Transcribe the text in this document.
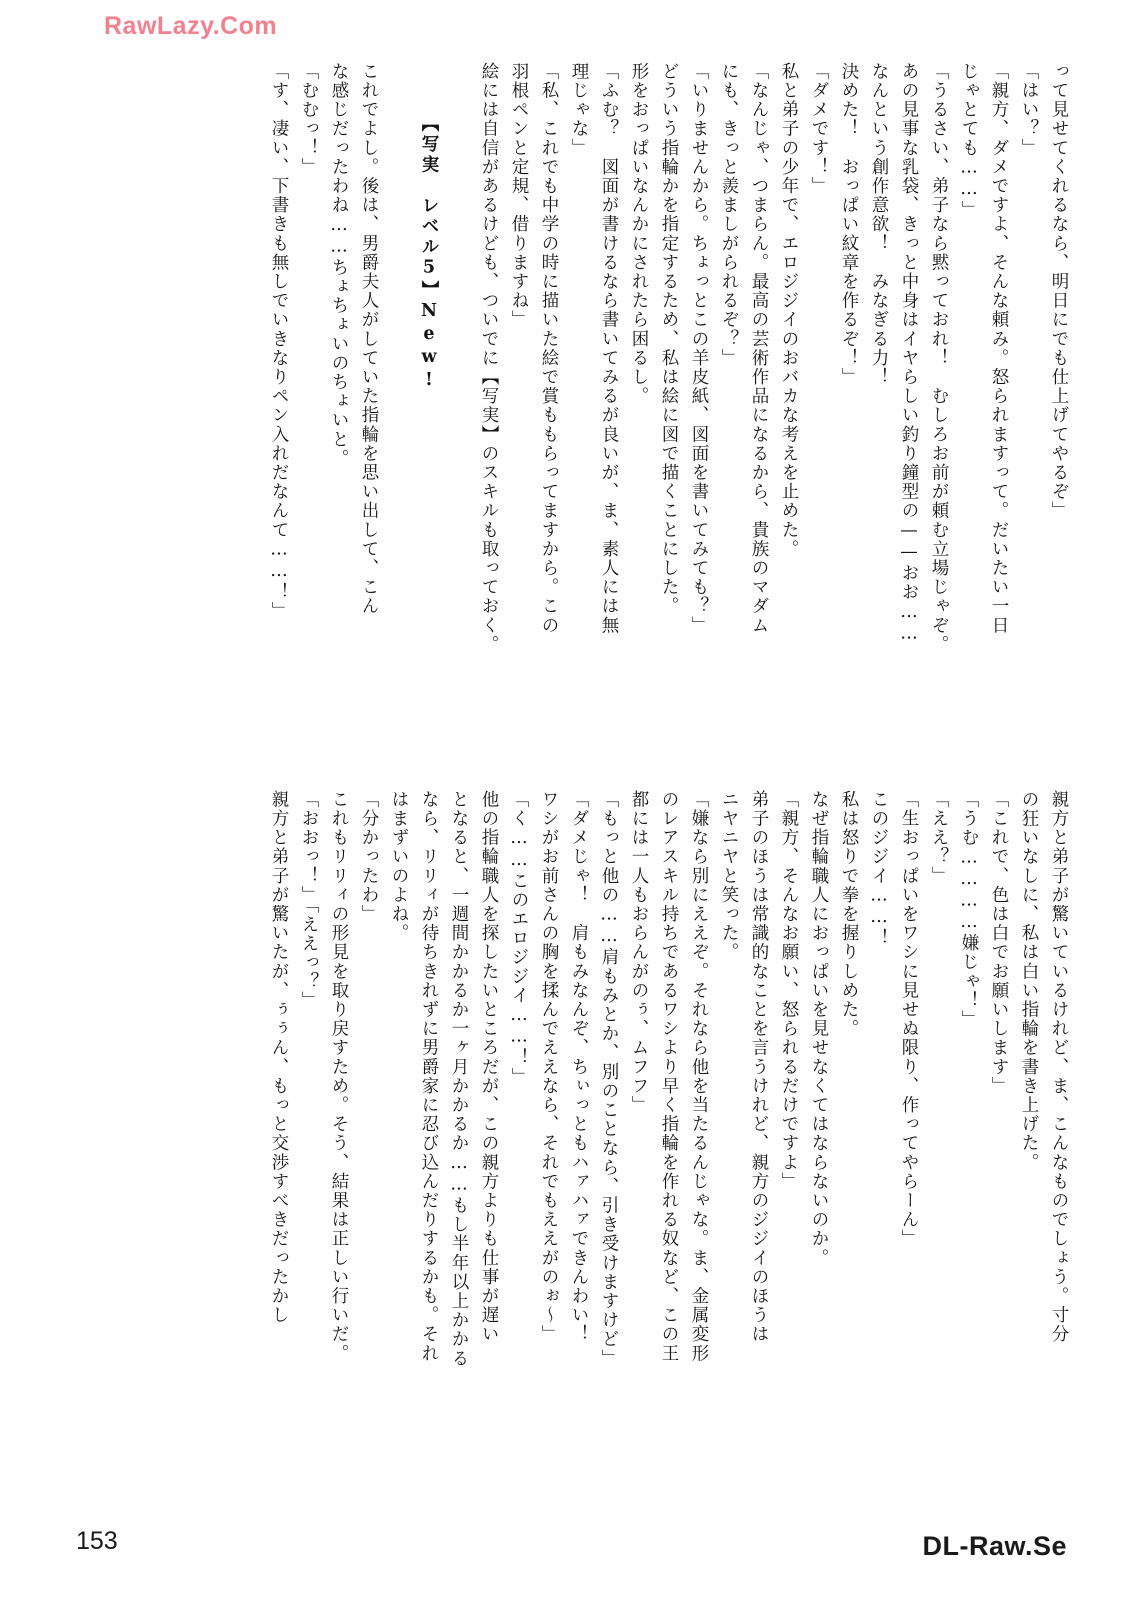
RawLazy.Com
って見せてくれるなら、明日にでも仕上げてやるぞ」
「はい？」
「親方、ダメですよ、そんな頼み。怒られますって。だいたい一日
じゃとても……」
「うるさい、弟子なら黙っておれ！　むしろお前が頼む立場じゃぞ。
あの見事な乳袋、きっと中身はイヤらしい釣り鐘型の——おお……
なんという創作意欲！　みなぎる力！
決めた！　おっぱい紋章を作るぞ！」
「ダメです！」
私と弟子の少年で、エロジジイのおバカな考えを止めた。
「なんじゃ、つまらん。最高の芸術作品になるから、貴族のマダム
にも、きっと羨ましがられるぞ？」
「いりませんから。ちょっとこの羊皮紙、図面を書いてみても？」
どういう指輪かを指定するため、私は絵に図で描くことにした。
形をおっぱいなんかにされたら困るし。
「ふむ？　図面が書けるなら書いてみるが良いが、ま、素人には無
理じゃな」
「私、これでも中学の時に描いた絵で賞ももらってますから。この
羽根ペンと定規、借りますね」
絵には自信があるけども、ついでに【写実】のスキルも取っておく。
【写実　レベル5】New!
これでよし。後は、男爵夫人がしていた指輪を思い出して、こん
な感じだったわね……ちょちょいのちょいと。
「むむっ！」
「す、凄い、下書きも無しでいきなりペン入れだなんて……！」
親方と弟子が驚いているけれど、ま、こんなものでしょう。寸分
の狂いなしに、私は白い指輪を書き上げた。
「これで、色は白でお願いします」
「うむ…………嫌じゃ！」
「ええ？」
「生おっぱいをワシに見せぬ限り、作ってやらーん」
このジジイ……！
私は怒りで拳を握りしめた。
なぜ指輪職人におっぱいを見せなくてはならないのか。
「親方、そんなお願い、怒られるだけですよ」
弟子のほうは常識的なことを言うけれど、親方のジジイのほうは
ニヤニヤと笑った。
「嫌なら別にええぞ。それなら他を当たるんじゃな。ま、金属変形
のレアスキル持ちであるワシより早く指輪を作れる奴など、この王
都には一人もおらんがのぅ、ムフフ」
「もっと他の……肩もみとか、別のことなら、引き受けますけど」
「ダメじゃ！　肩もみなんぞ、ちぃっともハァハァできんわい！
ワシがお前さんの胸を揉んでええなら、それでもええがのぉ～」
「く……このエロジジイ……！」
他の指輪職人を探したいところだが、この親方よりも仕事が遅い
となると、一週間かかるか一ヶ月かかるか……もし半年以上かかる
なら、リリィが待ちきれずに男爵家に忍び込んだりするかも。それ
はまずいのよね。
「分かったわ」
これもリリィの形見を取り戻すため。そう、結果は正しい行いだ。
「おおっ！」「ええっ？」
親方と弟子が驚いたが、ぅぅん、もっと交渉すべきだったかし
153	DL-Raw.Se
